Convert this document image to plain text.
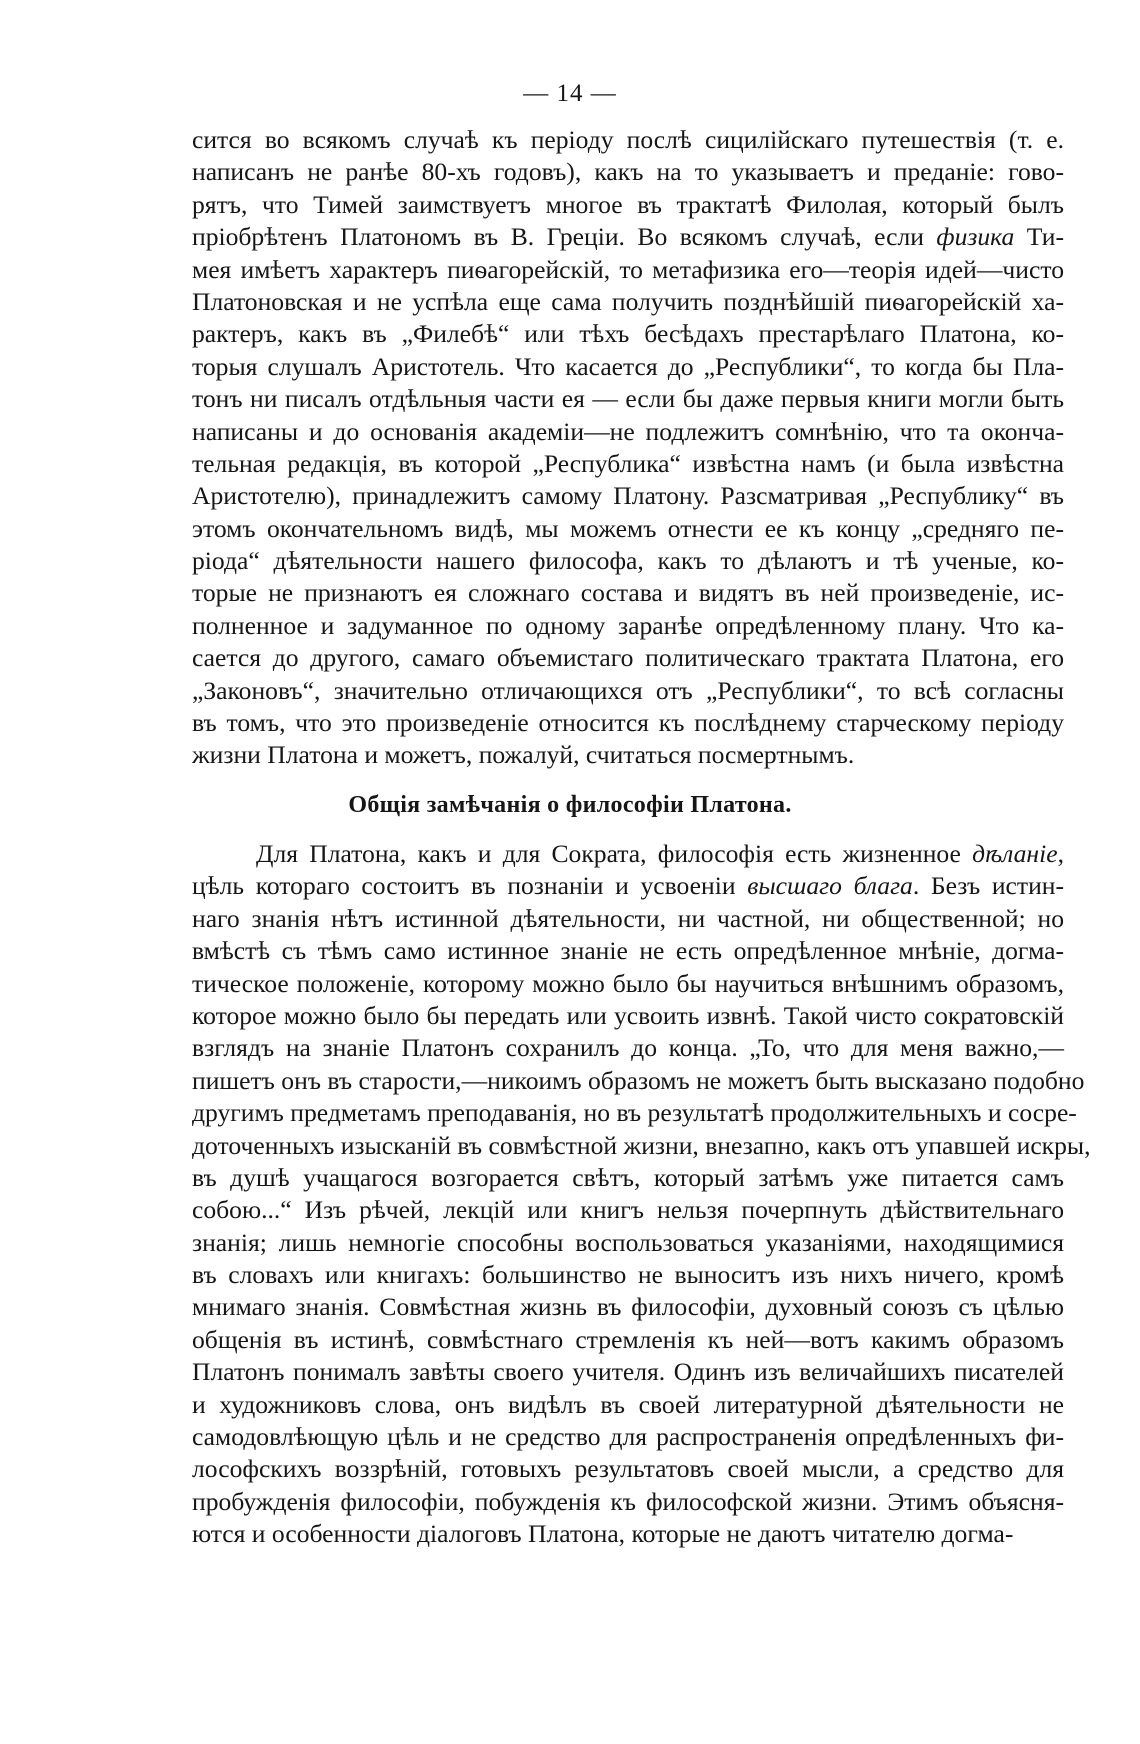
— 14 —
сится во всякомъ случаѣ къ періоду послѣ сицилійскаго путешествія (т. е.
написанъ не ранѣе 80-хъ годовъ), какъ на то указываетъ и преданіе: гово-
рятъ, что Тимей заимствуетъ многое въ трактатѣ Филолая, который былъ
пріобрѣтенъ Платономъ въ В. Греціи. Во всякомъ случаѣ, если физика Ти-
мея имѣетъ характеръ пиѳагорейскій, то метафизика его—теорія идей—чисто
Платоновская и не успѣла еще сама получить позднѣйшій пиѳагорейскій ха-
рактеръ, какъ въ „Филебѣ“ или тѣхъ бесѣдахъ престарѣлаго Платона, ко-
торыя слушалъ Аристотель. Что касается до „Республики“, то когда бы Пла-
тонъ ни писалъ отдѣльныя части ея — если бы даже первыя книги могли быть
написаны и до основанія академіи—не подлежитъ сомнѣнію, что та оконча-
тельная редакція, въ которой „Республика“ извѣстна намъ (и была извѣстна
Аристотелю), принадлежитъ самому Платону. Разсматривая „Республику“ въ
этомъ окончательномъ видѣ, мы можемъ отнести ее къ концу „средняго пе-
ріода“ дѣятельности нашего философа, какъ то дѣлаютъ и тѣ ученые, ко-
торые не признаютъ ея сложнаго состава и видятъ въ ней произведеніе, ис-
полненное и задуманное по одному заранѣе опредѣленному плану. Что ка-
сается до другого, самаго объемистаго политическаго трактата Платона, его
„Законовъ“, значительно отличающихся отъ „Республики“, то всѣ согласны
въ томъ, что это произведеніе относится къ послѣднему старческому періоду
жизни Платона и можетъ, пожалуй, считаться посмертнымъ.
Общія замѣчанія о философіи Платона.
Для Платона, какъ и для Сократа, философія есть жизненное дѣланіе,
цѣль котораго состоитъ въ познаніи и усвоеніи высшаго блага. Безъ истин-
наго знанія нѣтъ истинной дѣятельности, ни частной, ни общественной; но
вмѣстѣ съ тѣмъ само истинное знаніе не есть опредѣленное мнѣніе, догма-
тическое положеніе, которому можно было бы научиться внѣшнимъ образомъ,
которое можно было бы передать или усвоить извнѣ. Такой чисто сократовскій
взглядъ на знаніе Платонъ сохранилъ до конца. „То, что для меня важно,—
пишетъ онъ въ старости,—никоимъ образомъ не можетъ быть высказано подобно
другимъ предметамъ преподаванія, но въ результатѣ продолжительныхъ и сосре-
доточенныхъ изысканій въ совмѣстной жизни, внезапно, какъ отъ упавшей искры,
въ душѣ учащагося возгорается свѣтъ, который затѣмъ уже питается самъ
собою...“ Изъ рѣчей, лекцій или книгъ нельзя почерпнуть дѣйствительнаго
знанія; лишь немногіе способны воспользоваться указаніями, находящимися
въ словахъ или книгахъ: большинство не выноситъ изъ нихъ ничего, кромѣ
мнимаго знанія. Совмѣстная жизнь въ философіи, духовный союзъ съ цѣлью
общенія въ истинѣ, совмѣстнаго стремленія къ ней—вотъ какимъ образомъ
Платонъ понималъ завѣты своего учителя. Одинъ изъ величайшихъ писателей
и художниковъ слова, онъ видѣлъ въ своей литературной дѣятельности не
самодовлѣющую цѣль и не средство для распространенія опредѣленныхъ фи-
лософскихъ воззрѣній, готовыхъ результатовъ своей мысли, а средство для
пробужденія философіи, побужденія къ философской жизни. Этимъ объясня-
ются и особенности діалоговъ Платона, которые не даютъ читателю догма-
